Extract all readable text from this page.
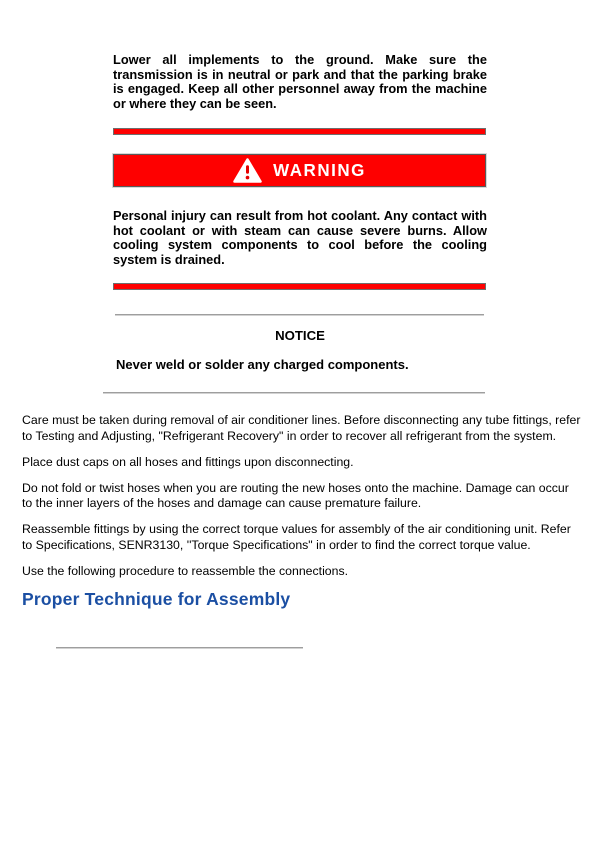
Lower all implements to the ground. Make sure the transmission is in neutral or park and that the parking brake is engaged. Keep all other personnel away from the machine or where they can be seen.

WARNING

Personal injury can result from hot coolant. Any contact with hot coolant or with steam can cause severe burns. Allow cooling system components to cool before the cooling system is drained.

NOTICE

Never weld or solder any charged components.

Care must be taken during removal of air conditioner lines. Before disconnecting any tube fittings, refer to Testing and Adjusting, "Refrigerant Recovery" in order to recover all refrigerant from the system.

Place dust caps on all hoses and fittings upon disconnecting.

Do not fold or twist hoses when you are routing the new hoses onto the machine. Damage can occur to the inner layers of the hoses and damage can cause premature failure.

Reassemble fittings by using the correct torque values for assembly of the air conditioning unit. Refer to Specifications, SENR3130, ''Torque Specifications" in order to find the correct torque value.

Use the following procedure to reassemble the connections.

Proper Technique for Assembly
